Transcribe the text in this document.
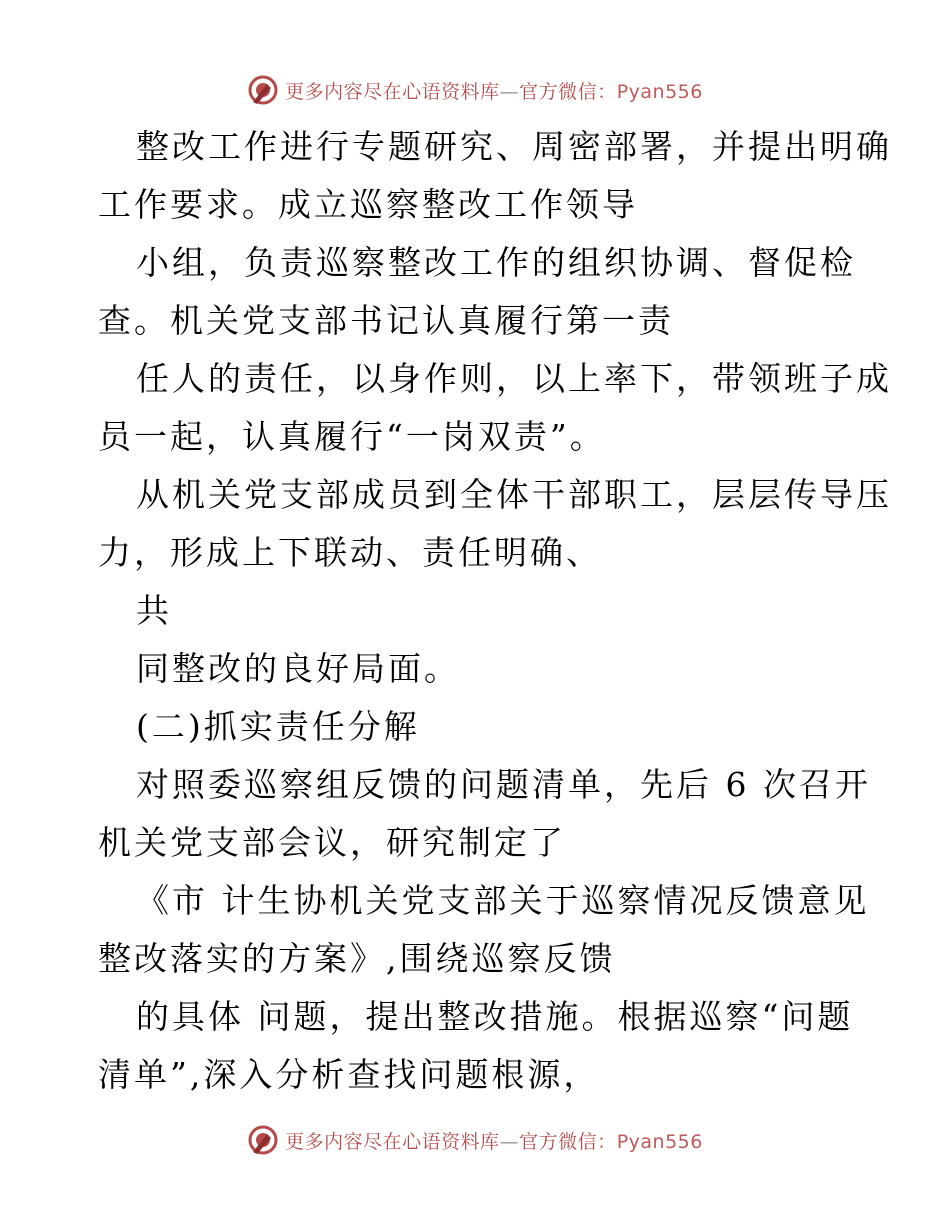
更多内容尽在心语资料库—官方微信：Pyan556
整改工作进行专题研究、周密部署，并提出明确
工作要求。成立巡察整改工作领导
小组，负责巡察整改工作的组织协调、督促检
查。机关党支部书记认真履行第一责
任人的责任，以身作则，以上率下，带领班子成
员一起，认真履行“一岗双责”。
从机关党支部成员到全体干部职工，层层传导压
力，形成上下联动、责任明确、
共
同整改的良好局面。
(二)抓实责任分解
对照委巡察组反馈的问题清单，先后 6 次召开
机关党支部会议，研究制定了
《市 计生协机关党支部关于巡察情况反馈意见
整改落实的方案》,围绕巡察反馈
的具体 问题，提出整改措施。根据巡察“问题
清单”,深入分析查找问题根源，
更多内容尽在心语资料库—官方微信：Pyan556
